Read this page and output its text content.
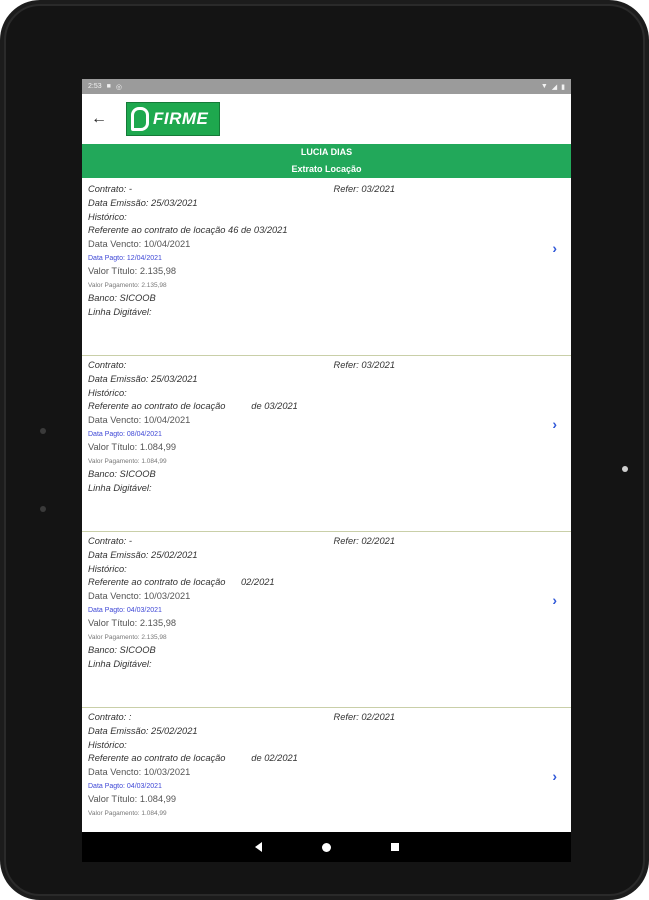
2:53 ■ ◎	▼ ◢ ▮
←	FIRME
LUCIA DIAS
Extrato Locação
Contrato: -	Refer: 03/2021
Data Emissão: 25/03/2021
Histórico:
Referente ao contrato de locação 46 de 03/2021
Data Vencto: 10/04/2021
Data Pagto: 12/04/2021
Valor Título: 2.135,98
Valor Pagamento: 2.135,98
Banco: SICOOB
Linha Digitável:
›
Contrato:	Refer: 03/2021
Data Emissão: 25/03/2021
Histórico:
Referente ao contrato de locação          de 03/2021
Data Vencto: 10/04/2021
Data Pagto: 08/04/2021
Valor Título: 1.084,99
Valor Pagamento: 1.084,99
Banco: SICOOB
Linha Digitável:
›
Contrato: -	Refer: 02/2021
Data Emissão: 25/02/2021
Histórico:
Referente ao contrato de locação      02/2021
Data Vencto: 10/03/2021
Data Pagto: 04/03/2021
Valor Título: 2.135,98
Valor Pagamento: 2.135,98
Banco: SICOOB
Linha Digitável:
›
Contrato: :	Refer: 02/2021
Data Emissão: 25/02/2021
Histórico:
Referente ao contrato de locação          de 02/2021
Data Vencto: 10/03/2021
Data Pagto: 04/03/2021
Valor Título: 1.084,99
Valor Pagamento: 1.084,99
›
